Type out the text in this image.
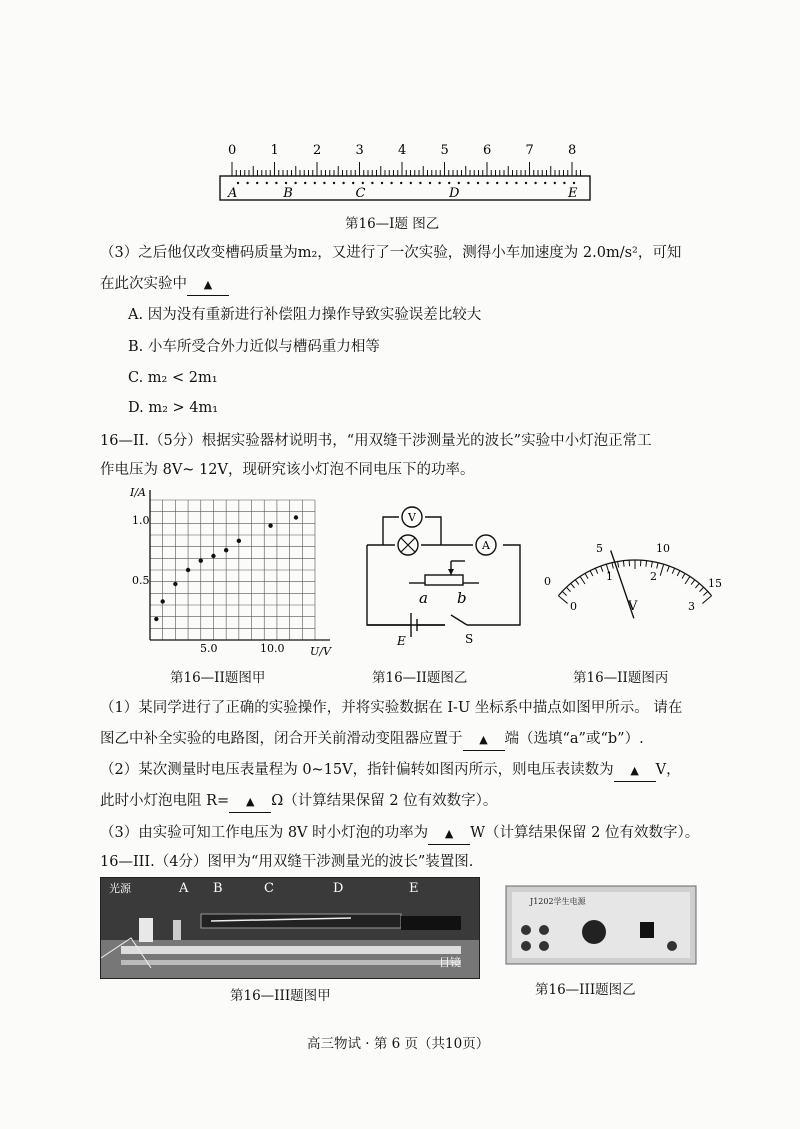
0	1	2	3	4	5	6	7	8
A	B	C	D	E
第16—I题 图乙
（3）之后他仅改变槽码质量为m₂，又进行了一次实验，测得小车加速度为 2.0m/s²，可知
在此次实验中 ▲
A. 因为没有重新进行补偿阻力操作导致实验误差比较大
B. 小车所受合外力近似与槽码重力相等
C. m₂ < 2m₁
D. m₂ > 4m₁
16—II.（5分）根据实验器材说明书，“用双缝干涉测量光的波长”实验中小灯泡正常工
作电压为 8V~ 12V，现研究该小灯泡不同电压下的功率。
I/A
U/V
1.0
0.5
5.0	10.0
第16—II题图甲
V
A
a b
E	S
第16—II题图乙
5	10
15
0
0
1	2
3
V
第16—II题图丙
（1）某同学进行了正确的实验操作，并将实验数据在 I-U 坐标系中描点如图甲所示。 请在
图乙中补全实验的电路图，闭合开关前滑动变阻器应置于 ▲ 端（选填“a”或“b”）.
（2）某次测量时电压表量程为 0~15V，指针偏转如图丙所示，则电压表读数为 ▲ V，
此时小灯泡电阻 R= ▲ Ω（计算结果保留 2 位有效数字）。
（3）由实验可知工作电压为 8V 时小灯泡的功率为 ▲ W（计算结果保留 2 位有效数字）。
16—III.（4分）图甲为“用双缝干涉测量光的波长”装置图.
光源	A B	C	D	E
目镜
第16—III题图甲
J1202学生电源
第16—III题图乙
高三物试 · 第 6 页（共10页）
